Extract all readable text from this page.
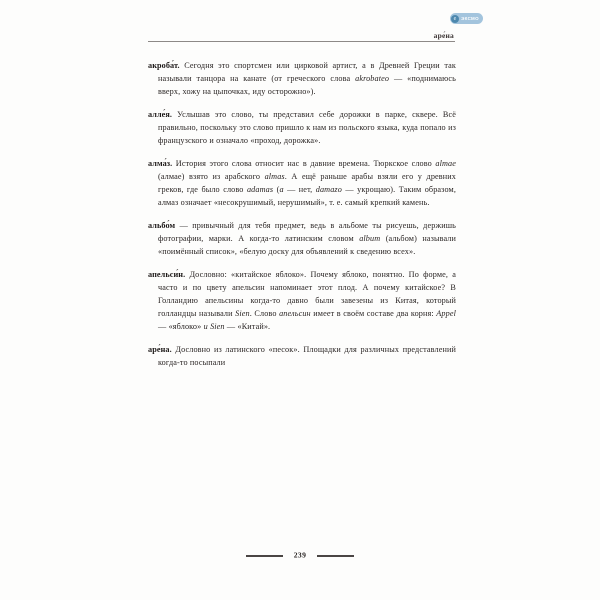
e	ЭКСМО
аре́на

акроба́т. Сегодня это спортсмен или цирковой артист, а в Древней Греции так называли танцора на канате (от греческого слова akrobateo — «поднимаюсь вверх, хожу на цыпочках, иду осторожно»).

алле́я. Услышав это слово, ты представил себе дорожки в парке, сквере. Всё правильно, поскольку это слово пришло к нам из польского языка, куда попало из французского и означало «проход, дорожка».

алма́з. История этого слова относит нас в давние времена. Тюркское слово almae (алмае) взято из арабского almas. А ещё раньше арабы взяли его у древних греков, где было слово adamas (a — нет, damazo — укрощаю). Таким образом, алмаз означает «несокрушимый, нерушимый», т. е. самый крепкий камень.

альбо́м — привычный для тебя предмет, ведь в альбоме ты рисуешь, держишь фотографии, марки. А когда-то латинским словом album (альбом) называли «поимённый список», «белую доску для объявлений к сведению всех».

апельси́н. Дословно: «китайское яблоко». Почему яблоко, понятно. По форме, а часто и по цвету апельсин напоминает этот плод. А почему китайское? В Голландию апельсины когда-то давно были завезены из Китая, который голландцы называли Sien. Слово апельсин имеет в своём составе два корня: Appel — «яблоко» и Sien — «Китай».

аре́на. Дословно из латинского «песок». Площадки для различных представлений когда-то посыпали

239
